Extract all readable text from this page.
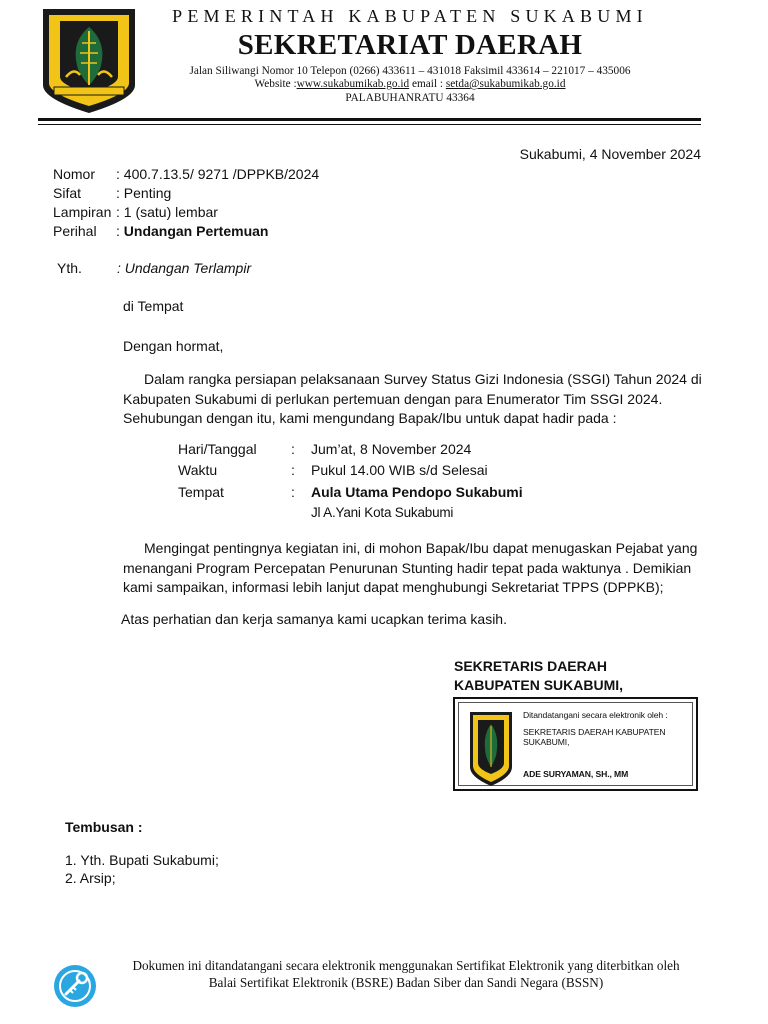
PEMERINTAH KABUPATEN SUKABUMI
SEKRETARIAT DAERAH
Jalan Siliwangi Nomor 10 Telepon (0266) 433611 – 431018 Faksimil 433614 – 221017 – 435006
Website :www.sukabumikab.go.id email : setda@sukabumikab.go.id
PALABUHANRATU 43364
Sukabumi, 4 November 2024
Nomor : 400.7.13.5/ 9271 /DPPKB/2024
Sifat : Penting
Lampiran : 1 (satu) lembar
Perihal : Undangan Pertemuan
Yth.	: Undangan Terlampir
di Tempat
Dengan hormat,
Dalam rangka persiapan pelaksanaan Survey Status Gizi Indonesia (SSGI) Tahun 2024 di Kabupaten Sukabumi di perlukan pertemuan dengan para Enumerator Tim SSGI 2024. Sehubungan dengan itu, kami mengundang Bapak/Ibu untuk dapat hadir pada :
Hari/Tanggal : Jum’at, 8 November 2024
Waktu	: Pukul 14.00 WIB s/d Selesai
Tempat	: Aula Utama Pendopo Sukabumi
Jl A.Yani Kota Sukabumi
Mengingat pentingnya kegiatan ini, di mohon Bapak/Ibu dapat menugaskan Pejabat yang menangani Program Percepatan Penurunan Stunting hadir tepat pada waktunya . Demikian kami sampaikan, informasi lebih lanjut dapat menghubungi Sekretariat TPPS (DPPKB);
Atas perhatian dan kerja samanya kami ucapkan terima kasih.
SEKRETARIS DAERAH
KABUPATEN SUKABUMI,
Ditandatangani secara elektronik oleh :
SEKRETARIS DAERAH KABUPATEN SUKABUMI,
ADE SURYAMAN, SH., MM
Tembusan :
1. Yth. Bupati Sukabumi;
2. Arsip;
Dokumen ini ditandatangani secara elektronik menggunakan Sertifikat Elektronik yang diterbitkan oleh
Balai Sertifikat Elektronik (BSRE) Badan Siber dan Sandi Negara (BSSN)
